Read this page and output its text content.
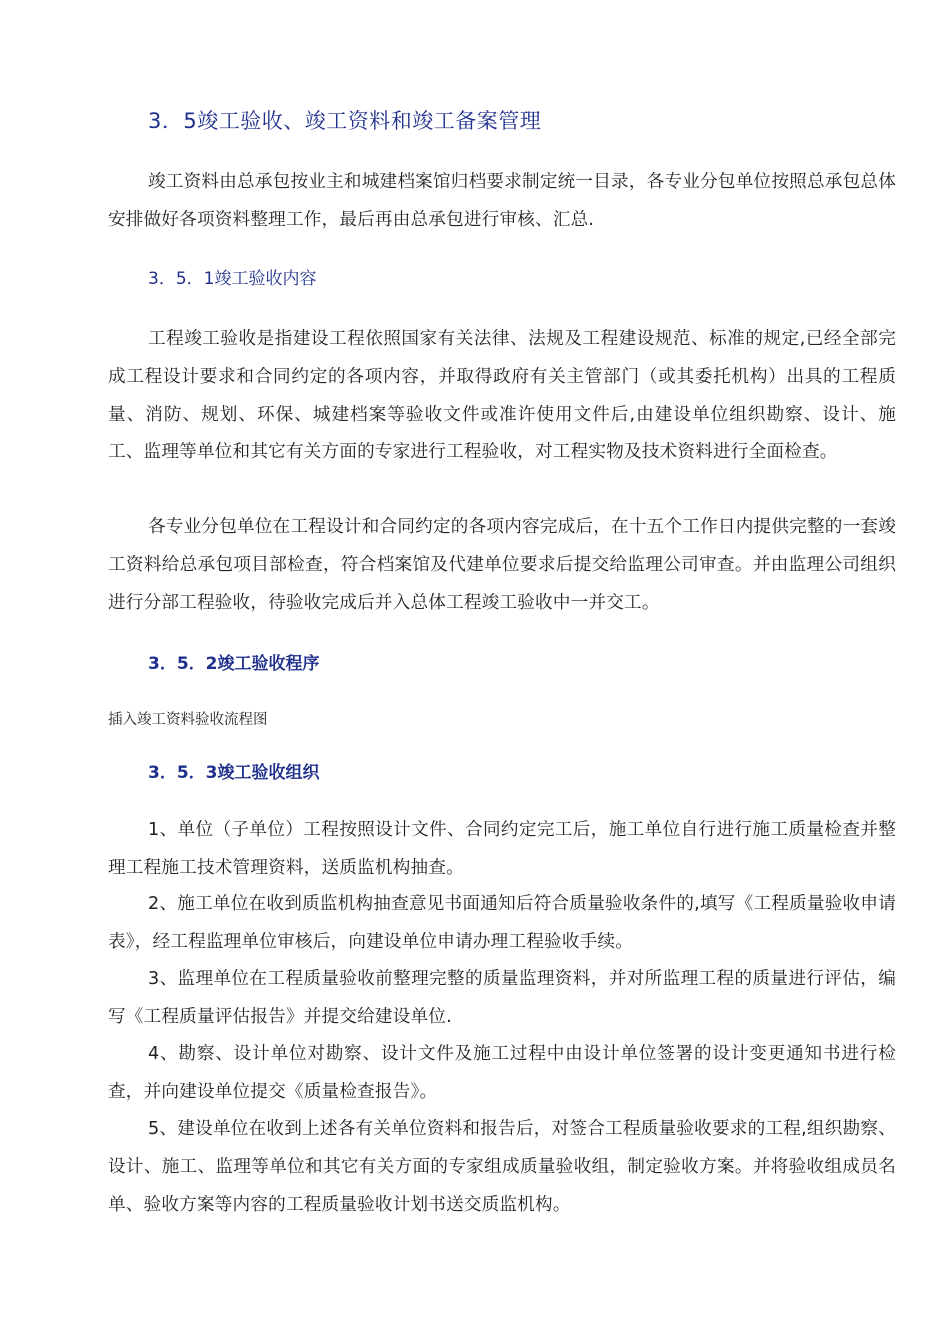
3．5竣工验收、竣工资料和竣工备案管理

竣工资料由总承包按业主和城建档案馆归档要求制定统一目录，各专业分包单位按照总承包总体安排做好各项资料整理工作，最后再由总承包进行审核、汇总.

3．5．1竣工验收内容

工程竣工验收是指建设工程依照国家有关法律、法规及工程建设规范、标准的规定,已经全部完成工程设计要求和合同约定的各项内容，并取得政府有关主管部门（或其委托机构）出具的工程质量、消防、规划、环保、城建档案等验收文件或准许使用文件后,由建设单位组织勘察、设计、施工、监理等单位和其它有关方面的专家进行工程验收，对工程实物及技术资料进行全面检查。

各专业分包单位在工程设计和合同约定的各项内容完成后，在十五个工作日内提供完整的一套竣工资料给总承包项目部检查，符合档案馆及代建单位要求后提交给监理公司审查。并由监理公司组织进行分部工程验收，待验收完成后并入总体工程竣工验收中一并交工。

3．5．2竣工验收程序
插入竣工资料验收流程图
3．5．3竣工验收组织

1、单位（子单位）工程按照设计文件、合同约定完工后，施工单位自行进行施工质量检查并整理工程施工技术管理资料，送质监机构抽查。

2、施工单位在收到质监机构抽查意见书面通知后符合质量验收条件的,填写《工程质量验收申请表》，经工程监理单位审核后，向建设单位申请办理工程验收手续。

3、监理单位在工程质量验收前整理完整的质量监理资料，并对所监理工程的质量进行评估，编写《工程质量评估报告》并提交给建设单位.

4、勘察、设计单位对勘察、设计文件及施工过程中由设计单位签署的设计变更通知书进行检查，并向建设单位提交《质量检查报告》。

5、建设单位在收到上述各有关单位资料和报告后，对签合工程质量验收要求的工程,组织勘察、设计、施工、监理等单位和其它有关方面的专家组成质量验收组，制定验收方案。并将验收组成员名单、验收方案等内容的工程质量验收计划书送交质监机构。
